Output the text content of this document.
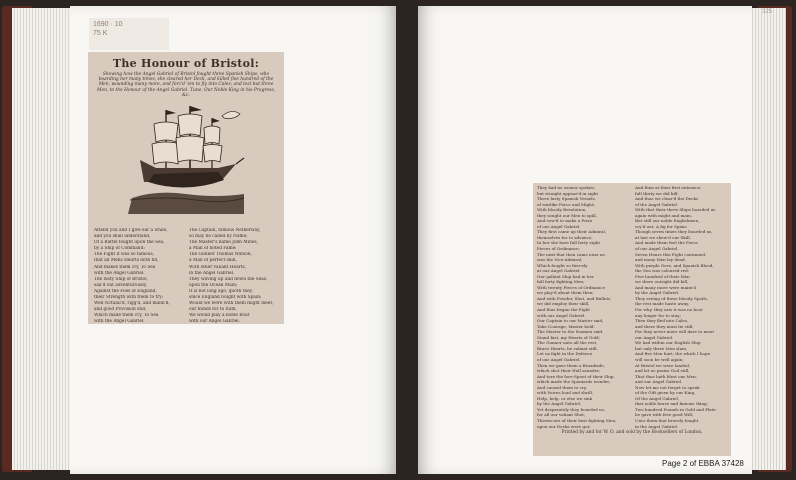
1690 · 10
75 K
325
The Honour of Bristol:
Shewing how the Angel Gabriel of Bristol fought three Spanish Ships, who boarding her many times, she cleared her Deck, and killed five hundred of the Men, wounding many more, and forc'd 'em to fly into Cales; and lost but three Men, to the Honour of the Angel Gabriel. Tune, Our Noble King in his Progress, &c.

Attend you and I give ear a while,

and you shall understand,

Of a Battle fought upon the Sea,

by a Ship of Command:

The Fight it was so famous,

that all Mens Hearts doth fill,

And makes them cry, To Sea

with the Angel Gabriel.

The lusty Ship of Bristol,

sail'd out adventurously,

Against the Foes of England,

their Strength with them to try:

Well victuall'd, rigg'd, and mann'd,

and good Provision still,

Which made them cry, To Sea

with the Angel Gabriel.

The Captain, famous Netherway,

so may he called by Name;

The Master's name John Mines,

a Man of noted Fame:

The Gunner Thomas Watson,

a Man of perfect skill,

With other valiant Hearts,

in the Angel Gabriel.

They waving up and down the Seas,

upon the Ocean Main;

It is not long ago, quoth they,

since England fought with Spain:

Would we were with them might meet,

our minds for to fulfil,

We would play a noble Bout

with our Angel Gabriel.

They had no sooner spoken,

but straight appear'd in sight

Three lusty Spanish Vessels,

of warlike Force and Might;

With bloody Resolution,

they sought our Men to spill,

And vow'd to make a Prize

of our Angel Gabriel.

They first came up their Admiral,

themselves for to advance,

In her she bore full forty eight

Pieces of Ordinance;

The next that then came near us,

was the Vice-Admiral,

Which fought so fiercely

at our Angel Gabriel.

Our gallant Ship had in her

full forty fighting Men;

With twenty Pieces of Ordinance

we play'd about them then;

And with Powder, Shot, and Bullets,

we did employ their skill,

And thus began the Fight

with our Angel Gabriel.

Our Captain to our Master said,

Take Courage, Master bold:

The Master to the Seamen said,

Stand fast, my Hearts of Gold;

The Gunner unto all the rest,

Brave Hearts, be valiant still,

Let us fight in the Defence

of our Angel Gabriel.

Then we gave them a Broadside,

which shot their Hull asunder;

And tore the fore-Spout of their Ship,

which made the Spaniards wonder,

And caused them to cry,

with Voices loud and shrill,

Help, help, or else we sink

by the Angel Gabriel.

Yet desperately they boarded us,

for all our valiant Shot,

Threescore of their best fighting Men,

upon our Decks were got;

And then at their first entrance,

full thirty we did kill;

And thus we clear'd the Decks

of the Angel Gabriel.

With that their three Ships boarded us

again with might and main,

But still our noble Englishmen,

cry'd out, A fig for Spain:

Though seven times they boarded us,

at last we shew'd our Skill,

And made them feel the Force

of our Angel Gabriel.

Seven Hours this Fight continued,

and many Men lay dead,

With purple Gore, and Spanish Blood,

the Sea was coloured red:

Five hundred of their Men

we there outright did kill,

And many more were maim'd

by the Angel Gabriel.

They seeing of these bloody Spoils,

the rest made haste away,

For why, they saw it was no boot

any longer for to stay;

Then they fled into Cales,

and there they must lie still,

For they never more will dare to meet

our Angel Gabriel.

We had within our English Ship

but only three Men slain,

And five Men hurt, the which I hope

will soon be well again;

At Bristol we were landed,

and let us praise God still,

That thus hath blest our Men,

and our Angel Gabriel.

Now let me not forget to speak

of the Gift given by our King,

Of the Angel Gabriel,

that noble brave and famous thing;

Two hundred Pounds in Gold and Plate

he gave with free good Will,

Unto them that bravely fought

in the Angel Gabriel.

Printed by and for W. O. and sold by the Booksellers of London.
Page 2 of EBBA 37428
